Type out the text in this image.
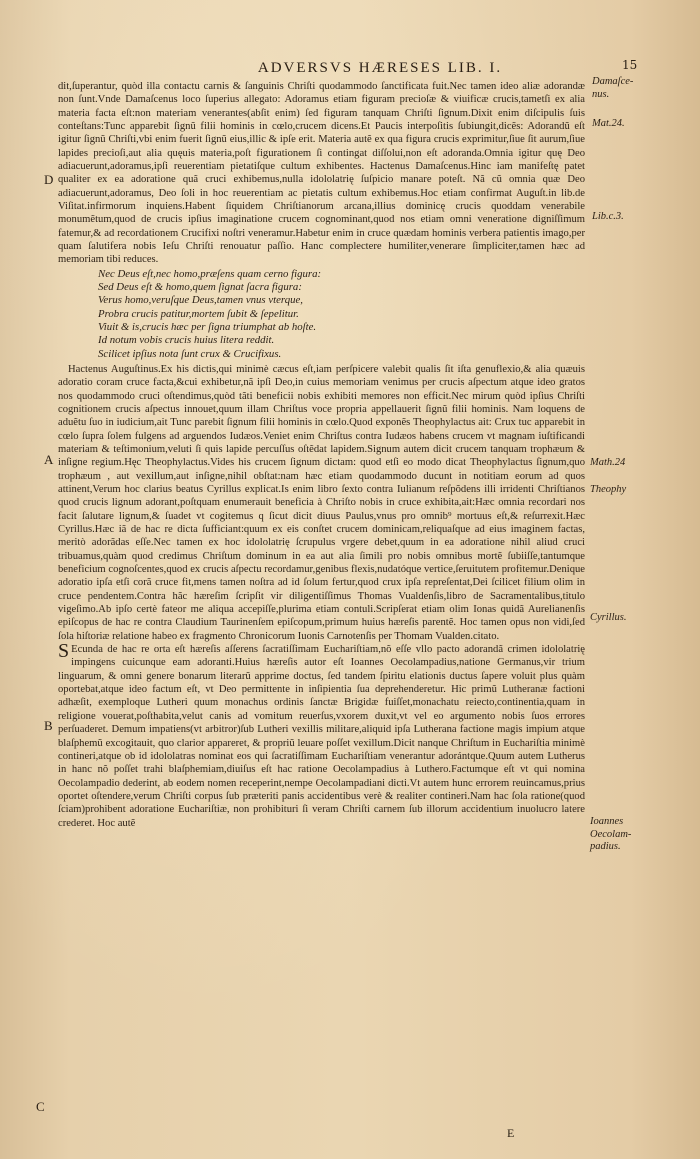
ADVERSVS HÆRESES LIB. I.	15

dit,ſuperantur, quòd illa contactu carnis & ſanguinis Chriſti quodammodo ſanctificata fuit.Nec tamen ideo aliæ adorandæ non ſunt.Vnde Damaſcenus loco ſuperius allegato: Adoramus etiam figuram precioſæ & viuificæ crucis,tametſi ex alia materia facta eſt:non materiam venerantes(abſit enim) ſed figuram tanquam Chriſti ſignum.Dixit enim diſcipulis ſuis conteſtans:Tunc apparebit ſignũ filii hominis in cœlo,crucem dicens.Et Paucis interpoſitis ſubiungit,dicẽs: Adorandũ eſt igitur ſignũ Chriſti,vbi enim fuerit ſignũ eius,illic & ipſe erit. Materia autẽ ex qua figura crucis exprimitur,ſiue ſit aurum,ſiue lapides precioſi,aut alia quęuis materia,poſt figurationem ſi contingat diſſolui,non eſt adoranda.Omnia igitur quę Deo adiacuerunt,adoramus,ipſi reuerentiam pietatiſque cultum exhibentes. Hactenus Damaſcenus.Hinc iam manifeſtę patet qualiter ex ea adoratione quã cruci exhibemus,nulla idololatrię ſuſpicio manare poteſt. Nã cũ omnia quæ Deo adiacuerunt,adoramus, Deo ſoli in hoc reuerentiam ac pietatis cultum exhibemus.Hoc etiam confirmat Auguſt.in lib.de Viſitat.infirmorum inquiens.Habent ſiquidem Chriſtianorum arcana,illius dominicę crucis quoddam venerabile monumẽtum,quod de crucis ipſius imaginatione crucem cognominant,quod nos etiam omni veneratione digniſſimum fatemur,& ad recordationem Crucifixi noſtri veneramur.Habetur enim in cruce quædam hominis verbera patientis imago,per quam ſalutifera nobis Ieſu Chriſti renouatur paſſio. Hanc complectere humiliter,venerare ſimpliciter,tamen hæc ad memoriam tibi reduces.

Nec Deus eſt,nec homo,præſens quam cerno figura:
Sed Deus eſt & homo,quem ſignat ſacra figura:
Verus homo,veruſque Deus,tamen vnus vterque,
Probra crucis patitur,mortem ſubit & ſepelitur.
Viuit & is,crucis hæc per ſigna triumphat ab hoſte.
Id notum vobis crucis huius litera reddit.
Scilicet ipſius nota ſunt crux & Crucifixus.

Hactenus Auguſtinus.Ex his dictis,qui minimè cæcus eſt,iam perſpicere valebit qualis ſit iſta genuflexio,& alia quæuis adoratio coram cruce facta,&cui exhibetur,nã ipſi Deo,in cuius memoriam venimus per crucis aſpectum atque ideo gratos nos quodammodo cruci oſtendimus,quòd tãti beneficii nobis exhibiti memores non efficit.Nec mirum quòd ipſius Chriſti cognitionem crucis aſpectus innouet,quum illam Chriſtus voce propria appellauerit ſignũ filii hominis. Nam loquens de aduẽtu ſuo in iudicium,ait Tunc parebit ſignum filii hominis in cœlo.Quod exponẽs Theophylactus ait: Crux tuc apparebit in cœlo ſupra ſolem fulgens ad arguendos Iudæos.Veniet enim Chriſtus contra Iudæos habens crucem vt magnam iuſtificandi materiam & teſtimonium,veluti ſi quis lapide percuſſus oſtẽdat lapidem.Signum autem dicit crucem tanquam trophæum & inſigne regium.Hęc Theophylactus.Vides his crucem ſignum dictam: quod etſi eo modo dicat Theophylactus ſignum,quo trophæum , aut vexillum,aut inſigne,nihil obſtat:nam hæc etiam quodammodo ducunt in notitiam eorum ad quos attinent,Verum hoc clarius beatus Cyrillus explicat.Is enim libro ſexto contra Iulianum reſpõdens illi irridenti Chriſtianos quod crucis lignum adorant,poſtquam enumerauit beneficia à Chriſto nobis in cruce exhibita,ait:Hæc omnia recordari nos facit ſalutare lignum,& ſuadet vt cogitemus q ſicut dicit diuus Paulus,vnus pro omnib⁹ mortuus eſt,& reſurrexit.Hæc Cyrillus.Hæc iã de hac re dicta ſufficiant:quum ex eis conſtet crucem dominicam,reliquaſque ad eius imaginem factas, meritò adorãdas eſſe.Nec tamen ex hoc idololatrię ſcrupulus vrgere debet,quum in ea adoratione nihil aliud cruci tribuamus,quàm quod credimus Chriſtum dominum in ea aut alia ſimili pro nobis omnibus mortẽ ſubiiſſe,tantumque beneficium cognoſcentes,quod ex crucis aſpectu recordamur,genibus flexis,nudatóque vertice,ſeruitutem profitemur.Denique adoratio ipſa etſi corã cruce fit,mens tamen noſtra ad id ſolum fertur,quod crux ipſa repreſentat,Dei ſcilicet filium olim in cruce pendentem.Contra hãc hæreſim ſcripſit vir diligentiſſimus Thomas Vualdenſis,libro de Sacramentalibus,titulo vigeſimo.Ab ipſo certè fateor me aliqua accepiſſe,plurima etiam contuli.Scripſerat etiam olim Ionas quidã Aurelianenſis epiſcopus de hac re contra Claudium Taurinenſem epiſcopum,primum huius hæreſis parentẽ. Hoc tamen opus non vidi,ſed ſola hiſtoriæ relatione habeo ex fragmento Chronicorum Iuonis Carnotenſis per Thomam Vualden.citato.

S Ecunda de hac re orta eſt hæreſis aſſerens ſacratiſſimam Euchariſtiam,nõ eſſe vllo pacto adorandã crimen idololatrię impingens cuicunque eam adoranti.Huius hæreſis autor eſt Ioannes Oecolampadius,natione Germanus,vir trium linguarum, & omni genere bonarum literarũ apprime doctus, ſed tandem ſpiritu elationis ductus ſapere voluit plus quàm oportebat,atque ideo factum eſt, vt Deo permittente in inſipientia ſua deprehenderetur. Hic primũ Lutheranæ factioni adhæſit, exemploque Lutheri quum monachus ordinis ſanctæ Brigidæ fuiſſet,monachatu reiecto,continentia,quam in religione vouerat,poſthabita,velut canis ad vomitum reuerſus,vxorem duxit,vt vel eo argumento nobis ſuos errores perſuaderet. Demum impatiens(vt arbitror)ſub Lutheri vexillis militare,aliquid ipſa Lutherana factione magis impium atque blaſphemũ excogitauit, quo clarior appareret, & propriũ leuare poſſet vexillum.Dicit nanque Chriſtum in Euchariſtia minimè contineri,atque ob id idololatras nominat eos qui ſacratiſſimam Euchariſtiam venerantur adorántque.Quum autem Lutherus in hanc nõ poſſet trahi blaſphemiam,diuiſus eſt hac ratione Oecolampadius à Luthero.Factumque eſt vt qui nomina Oecolampadio dederint, ab eodem nomen receperint,nempe Oecolampadiani dicti.Vt autem hunc errorem reuincamus,prius oportet oſtendere,verum Chriſti corpus ſub præteriti panis accidentibus verè & realiter contineri.Nam hac ſola ratione(quod ſciam)prohibent adoratione Euchariſtiæ, non prohibituri ſi veram Chriſti carnem ſub illorum accidentium inuolucro latere crederet. Hoc autẽ

Damaſce-
nus.
Mat.24.
Lib.c.3.
Math.24
Theophy
Cyrillus.
Ioannes
Oecolam-
padius.
D
A
B
C
E
